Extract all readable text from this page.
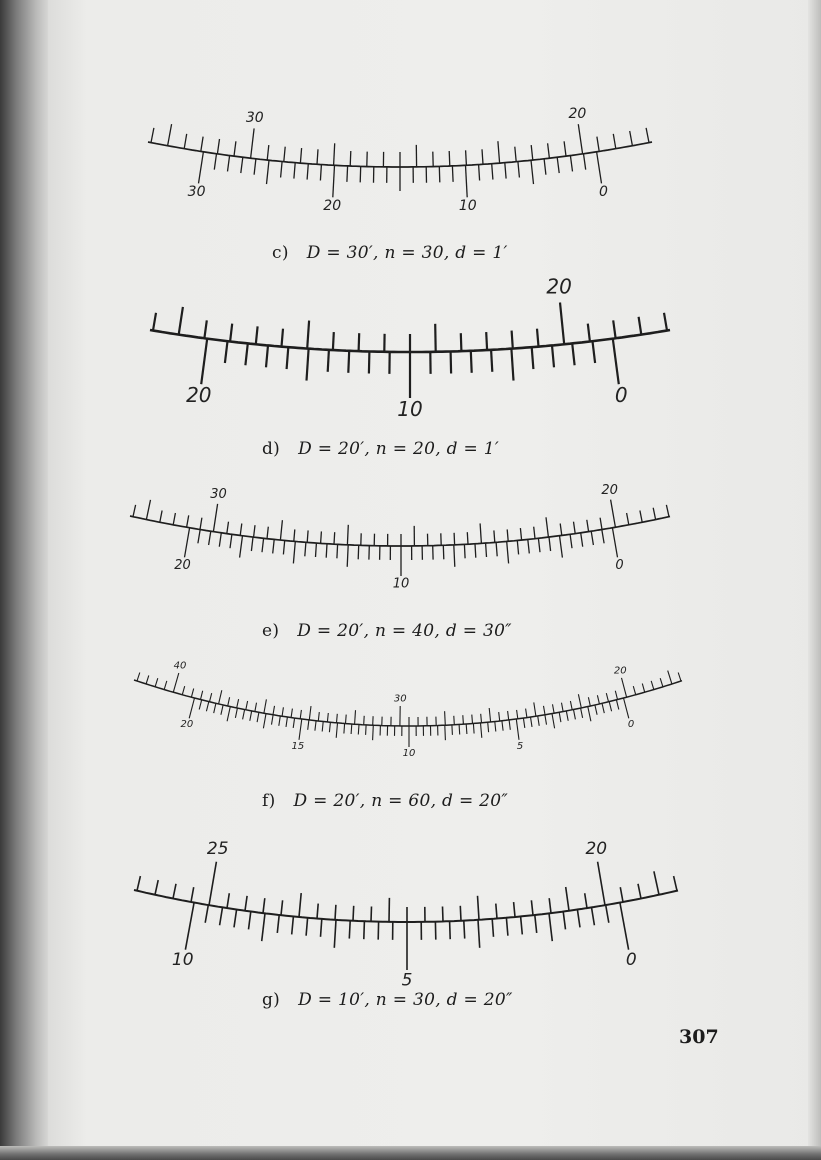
30	20
30
20	10
0
20
20
10
0
30	20
20
10
0
40
30
20
20
15
10
5
0
25	20
10
5
0
c) D = 30′, n = 30, d = 1′
d) D = 20′, n = 20, d = 1′
e) D = 20′, n = 40, d = 30″
f) D = 20′, n = 60, d = 20″
g) D = 10′, n = 30, d = 20″
307
